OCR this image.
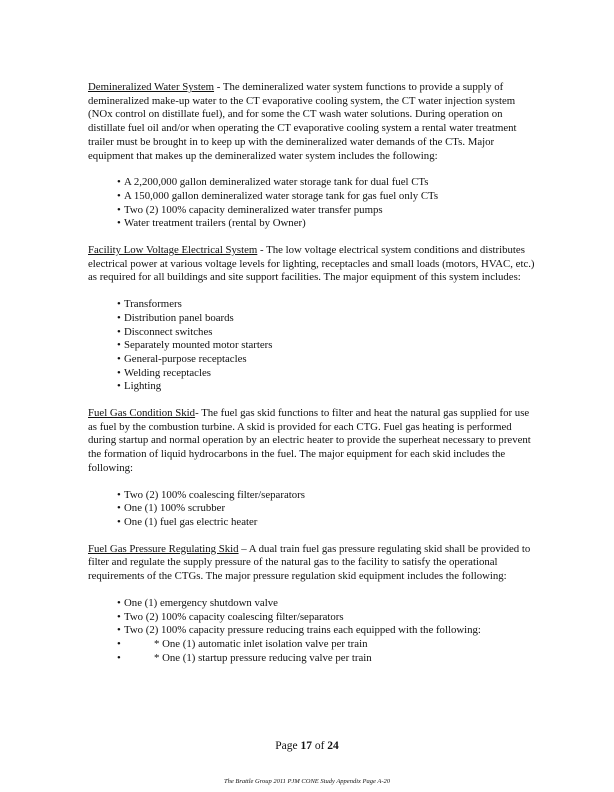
Demineralized Water System - The demineralized water system functions to provide a supply of demineralized make-up water to the CT evaporative cooling system, the CT water injection system (NOx control on distillate fuel), and for some the CT wash water solutions. During operation on distillate fuel oil and/or when operating the CT evaporative cooling system a rental water treatment trailer must be brought in to keep up with the demineralized water demands of the CTs. Major equipment that makes up the demineralized water system includes the following:

• A 2,200,000 gallon demineralized water storage tank for dual fuel CTs
• A 150,000 gallon demineralized water storage tank for gas fuel only CTs
• Two (2) 100% capacity demineralized water transfer pumps
• Water treatment trailers (rental by Owner)

Facility Low Voltage Electrical System - The low voltage electrical system conditions and distributes electrical power at various voltage levels for lighting, receptacles and small loads (motors, HVAC, etc.) as required for all buildings and site support facilities. The major equipment of this system includes:

• Transformers
• Distribution panel boards
• Disconnect switches
• Separately mounted motor starters
• General-purpose receptacles
• Welding receptacles
• Lighting

Fuel Gas Condition Skid- The fuel gas skid functions to filter and heat the natural gas supplied for use as fuel by the combustion turbine. A skid is provided for each CTG. Fuel gas heating is performed during startup and normal operation by an electric heater to provide the superheat necessary to prevent the formation of liquid hydrocarbons in the fuel. The major equipment for each skid includes the following:

• Two (2) 100% coalescing filter/separators
• One (1) 100% scrubber
• One (1) fuel gas electric heater

Fuel Gas Pressure Regulating Skid – A dual train fuel gas pressure regulating skid shall be provided to filter and regulate the supply pressure of the natural gas to the facility to satisfy the operational requirements of the CTGs. The major pressure regulation skid equipment includes the following:

• One (1) emergency shutdown valve
• Two (2) 100% capacity coalescing filter/separators
• Two (2) 100% capacity pressure reducing trains each equipped with the following:
•	* One (1) automatic inlet isolation valve per train
•	* One (1) startup pressure reducing valve per train
Page 17 of 24
The Brattle Group 2011 PJM CONE Study Appendix Page A-20
